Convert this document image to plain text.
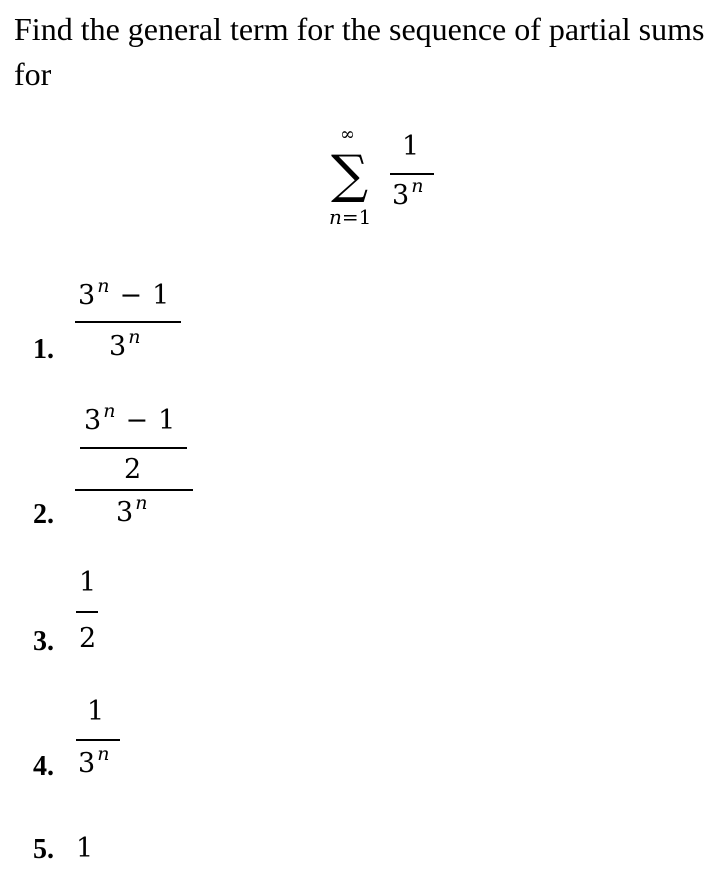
Find the general term for the sequence of partial sums for
∞
∑
n=1
1
3 $^n$
1.
3 $^n$ − 1
3 $^n$
2.
3 $^n$ − 1
2
3 $^n$
3.
1
2
4.
1
3 $^n$
5. 1
